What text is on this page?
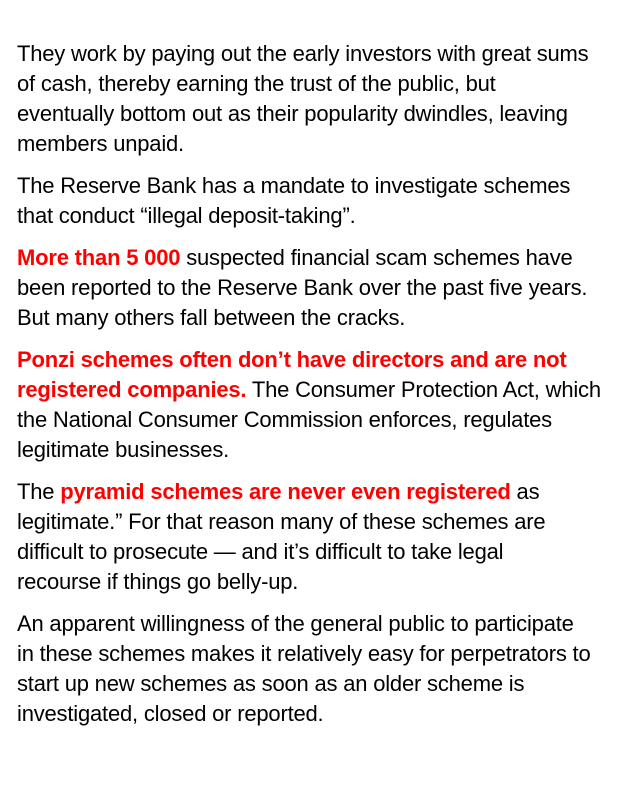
They work by paying out the early investors with great sums
of cash, thereby earning the trust of the public, but
eventually bottom out as their popularity dwindles, leaving
members unpaid.
The Reserve Bank has a mandate to investigate schemes
that conduct “illegal deposit-taking”.
More than 5 000 suspected financial scam schemes have
been reported to the Reserve Bank over the past five years.
But many others fall between the cracks.
Ponzi schemes often don’t have directors and are not
registered companies. The Consumer Protection Act, which
the National Consumer Commission enforces, regulates
legitimate businesses.
The pyramid schemes are never even registered as
legitimate.” For that reason many of these schemes are
difficult to prosecute — and it’s difficult to take legal
recourse if things go belly-up.
An apparent willingness of the general public to participate
in these schemes makes it relatively easy for perpetrators to
start up new schemes as soon as an older scheme is
investigated, closed or reported.
